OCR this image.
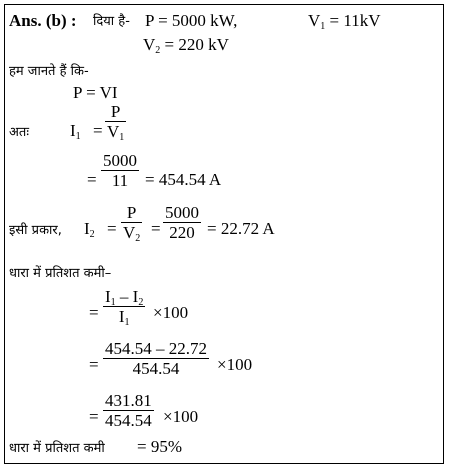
Ans. (b) : दिया है- P = 5000 kW,	$V_1 = 11kV$
$V_2 = 220$ kV
हम जानते हैं कि-
P = VI
अतः $I_1 = \frac{P}{V_1}$
= $\frac{5000}{11} = 454.54$ A
इसी प्रकार, $I_2 = \frac{P}{V_2} = \frac{5000}{220} = 22.72$ A
धारा में प्रतिशत कमी–
= $\frac{I_1 - I_2}{I_1} \times 100$
= $\frac{454.54 - 22.72}{454.54} \times 100$
= $\frac{431.81}{454.54} \times 100$
धारा में प्रतिशत कमी = 95%
